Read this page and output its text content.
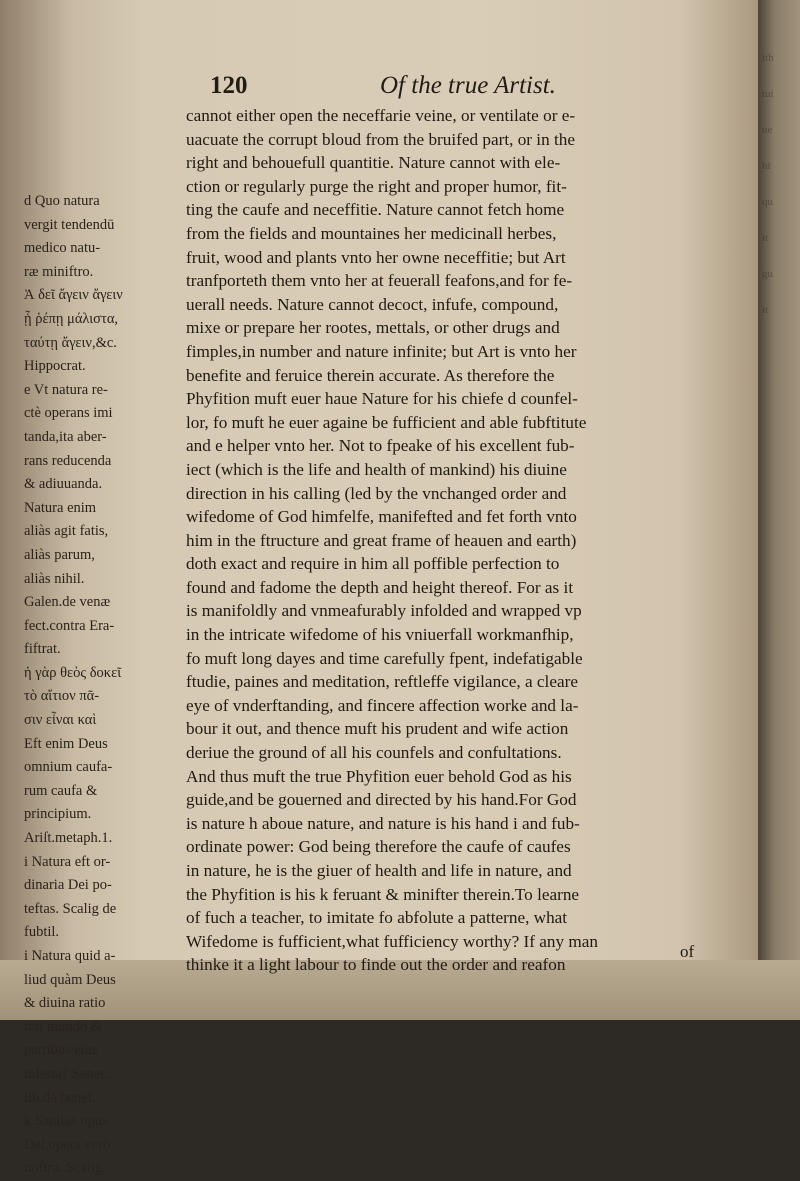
ith
tui
ue
hi
qu
it
gu
it
120	Of the true Artist.
d Quo natura
vergit tendendū
medico natu-
ræ miniftro.
Ἀ δεῖ ἄγειν ἄγειν
ᾗ ῥέπῃ μάλιστα,
ταύτῃ ἄγειν,&c.
Hippocrat.
e Vt natura re-
ctè operans imi
tanda,ita aber-
rans reducenda
& adiuuanda.
Natura enim
aliàs agit fatis,
aliàs parum,
aliàs nihil.
Galen.de venæ
fect.contra Era-
fiftrat.
ἡ γὰρ θεὸς δοκεῖ
τὸ αἴτιον πᾶ-
σιν εἶναι καὶ
Eft enim Deus
omnium caufa-
rum caufa &
principium.
Ariſt.metaph.1.
i Natura eft or-
dinaria Dei po-
teftas. Scalig de
fubtil.
i Natura quid a-
liud quàm Deus
& diuina ratio
toti mundo &
partibus eius
inferta? Senec.
lib.de benef.
k Sanitas opus
Dei,opera verò
noftra. Scalig.
cannot either open the neceffarie veine, or ventilate or e-
uacuate the corrupt bloud from the bruifed part, or in the
right and behouefull quantitie. Nature cannot with ele-
ction or regularly purge the right and proper humor, fit-
ting the caufe and neceffitie. Nature cannot fetch home
from the fields and mountaines her medicinall herbes,
fruit, wood and plants vnto her owne neceffitie; but Art
tranfporteth them vnto her at feuerall feafons,and for fe-
uerall needs. Nature cannot decoct, infufe, compound,
mixe or prepare her rootes, mettals, or other drugs and
fimples,in number and nature infinite; but Art is vnto her
benefite and feruice therein accurate. As therefore the
Phyfition muft euer haue Nature for his chiefe d counfel-
lor, fo muft he euer againe be fufficient and able fubftitute
and e helper vnto her. Not to fpeake of his excellent fub-
iect (which is the life and health of mankind) his diuine
direction in his calling (led by the vnchanged order and
wifedome of God himfelfe, manifefted and fet forth vnto
him in the ftructure and great frame of heauen and earth)
doth exact and require in him all poffible perfection to
found and fadome the depth and height thereof. For as it
is manifoldly and vnmeafurably infolded and wrapped vp
in the intricate wifedome of his vniuerfall workmanfhip,
fo muft long dayes and time carefully fpent, indefatigable
ftudie, paines and meditation, reftleffe vigilance, a cleare
eye of vnderftanding, and fincere affection worke and la-
bour it out, and thence muft his prudent and wife action
deriue the ground of all his counfels and confultations.
And thus muft the true Phyfition euer behold God as his
guide,and be gouerned and directed by his hand.For God
is nature h aboue nature, and nature is his hand i and fub-
ordinate power: God being therefore the caufe of caufes
in nature, he is the giuer of health and life in nature, and
the Phyfition is his k feruant & minifter therein.To learne
of fuch a teacher, to imitate fo abfolute a patterne, what
Wifedome is fufficient,what fufficiency worthy? If any man
thinke it a light labour to finde out the order and reafon
of
